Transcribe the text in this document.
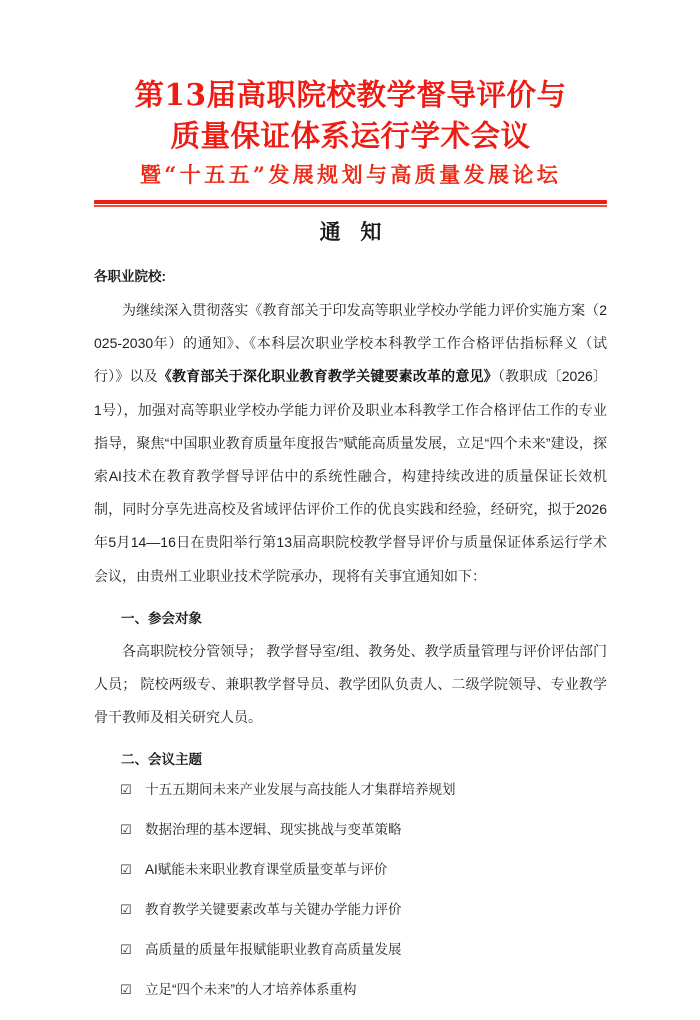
第13届高职院校教学督导评价与
质量保证体系运行学术会议
暨“十五五”发展规划与高质量发展论坛
通 知
各职业院校:

为继续深入贯彻落实《教育部关于印发高等职业学校办学能力评价实施方案（2025-2030年）的通知》、《本科层次职业学校本科教学工作合格评估指标释义（试行）》以及《教育部关于深化职业教育教学关键要素改革的意见》（教职成〔2026〕1号），加强对高等职业学校办学能力评价及职业本科教学工作合格评估工作的专业指导，聚焦“中国职业教育质量年度报告”赋能高质量发展，立足“四个未来”建设，探索AI技术在教育教学督导评估中的系统性融合，构建持续改进的质量保证长效机制，同时分享先进高校及省域评估评价工作的优良实践和经验，经研究，拟于2026年5月14—16日在贵阳举行第13届高职院校教学督导评价与质量保证体系运行学术会议，由贵州工业职业技术学院承办，现将有关事宜通知如下：

一、参会对象

各高职院校分管领导； 教学督导室/组、教务处、教学质量管理与评价评估部门人员； 院校两级专、兼职教学督导员、教学团队负责人、二级学院领导、专业教学骨干教师及相关研究人员。

二、会议主题
☑ 十五五期间未来产业发展与高技能人才集群培养规划
☑ 数据治理的基本逻辑、现实挑战与变革策略
☑ AI赋能未来职业教育课堂质量变革与评价
☑ 教育教学关键要素改革与关键办学能力评价
☑ 高质量的质量年报赋能职业教育高质量发展
☑ 立足“四个未来”的人才培养体系重构
